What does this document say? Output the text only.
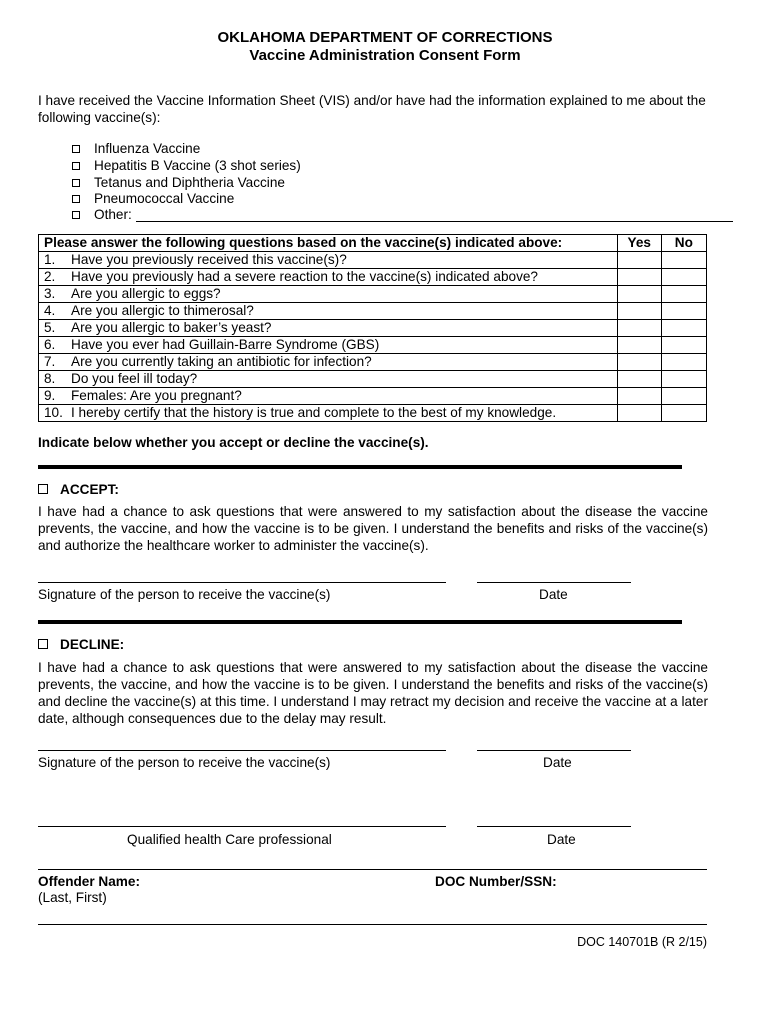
OKLAHOMA DEPARTMENT OF CORRECTIONS
Vaccine Administration Consent Form
I have received the Vaccine Information Sheet (VIS) and/or have had the information explained to me about the following vaccine(s):
Influenza Vaccine
Hepatitis B Vaccine (3 shot series)
Tetanus and Diphtheria Vaccine
Pneumococcal Vaccine
Other:
Please answer the following questions based on the vaccine(s) indicated above:	Yes	No
1. Have you previously received this vaccine(s)?		
2. Have you previously had a severe reaction to the vaccine(s) indicated above?		
3. Are you allergic to eggs?		
4. Are you allergic to thimerosal?		
5. Are you allergic to baker’s yeast?		
6. Have you ever had Guillain-Barre Syndrome (GBS)		
7. Are you currently taking an antibiotic for infection?		
8. Do you feel ill today?		
9. Females: Are you pregnant?		
10. I hereby certify that the history is true and complete to the best of my knowledge.		
Indicate below whether you accept or decline the vaccine(s).
ACCEPT:
I have had a chance to ask questions that were answered to my satisfaction about the disease the vaccine prevents, the vaccine, and how the vaccine is to be given. I understand the benefits and risks of the vaccine(s) and authorize the healthcare worker to administer the vaccine(s).
Signature of the person to receive the vaccine(s)	Date
DECLINE:
I have had a chance to ask questions that were answered to my satisfaction about the disease the vaccine prevents, the vaccine, and how the vaccine is to be given. I understand the benefits and risks of the vaccine(s) and decline the vaccine(s) at this time. I understand I may retract my decision and receive the vaccine at a later date, although consequences due to the delay may result.
Signature of the person to receive the vaccine(s)	Date
Qualified health Care professional	Date
Offender Name:
(Last, First)
DOC Number/SSN:
DOC 140701B (R 2/15)
